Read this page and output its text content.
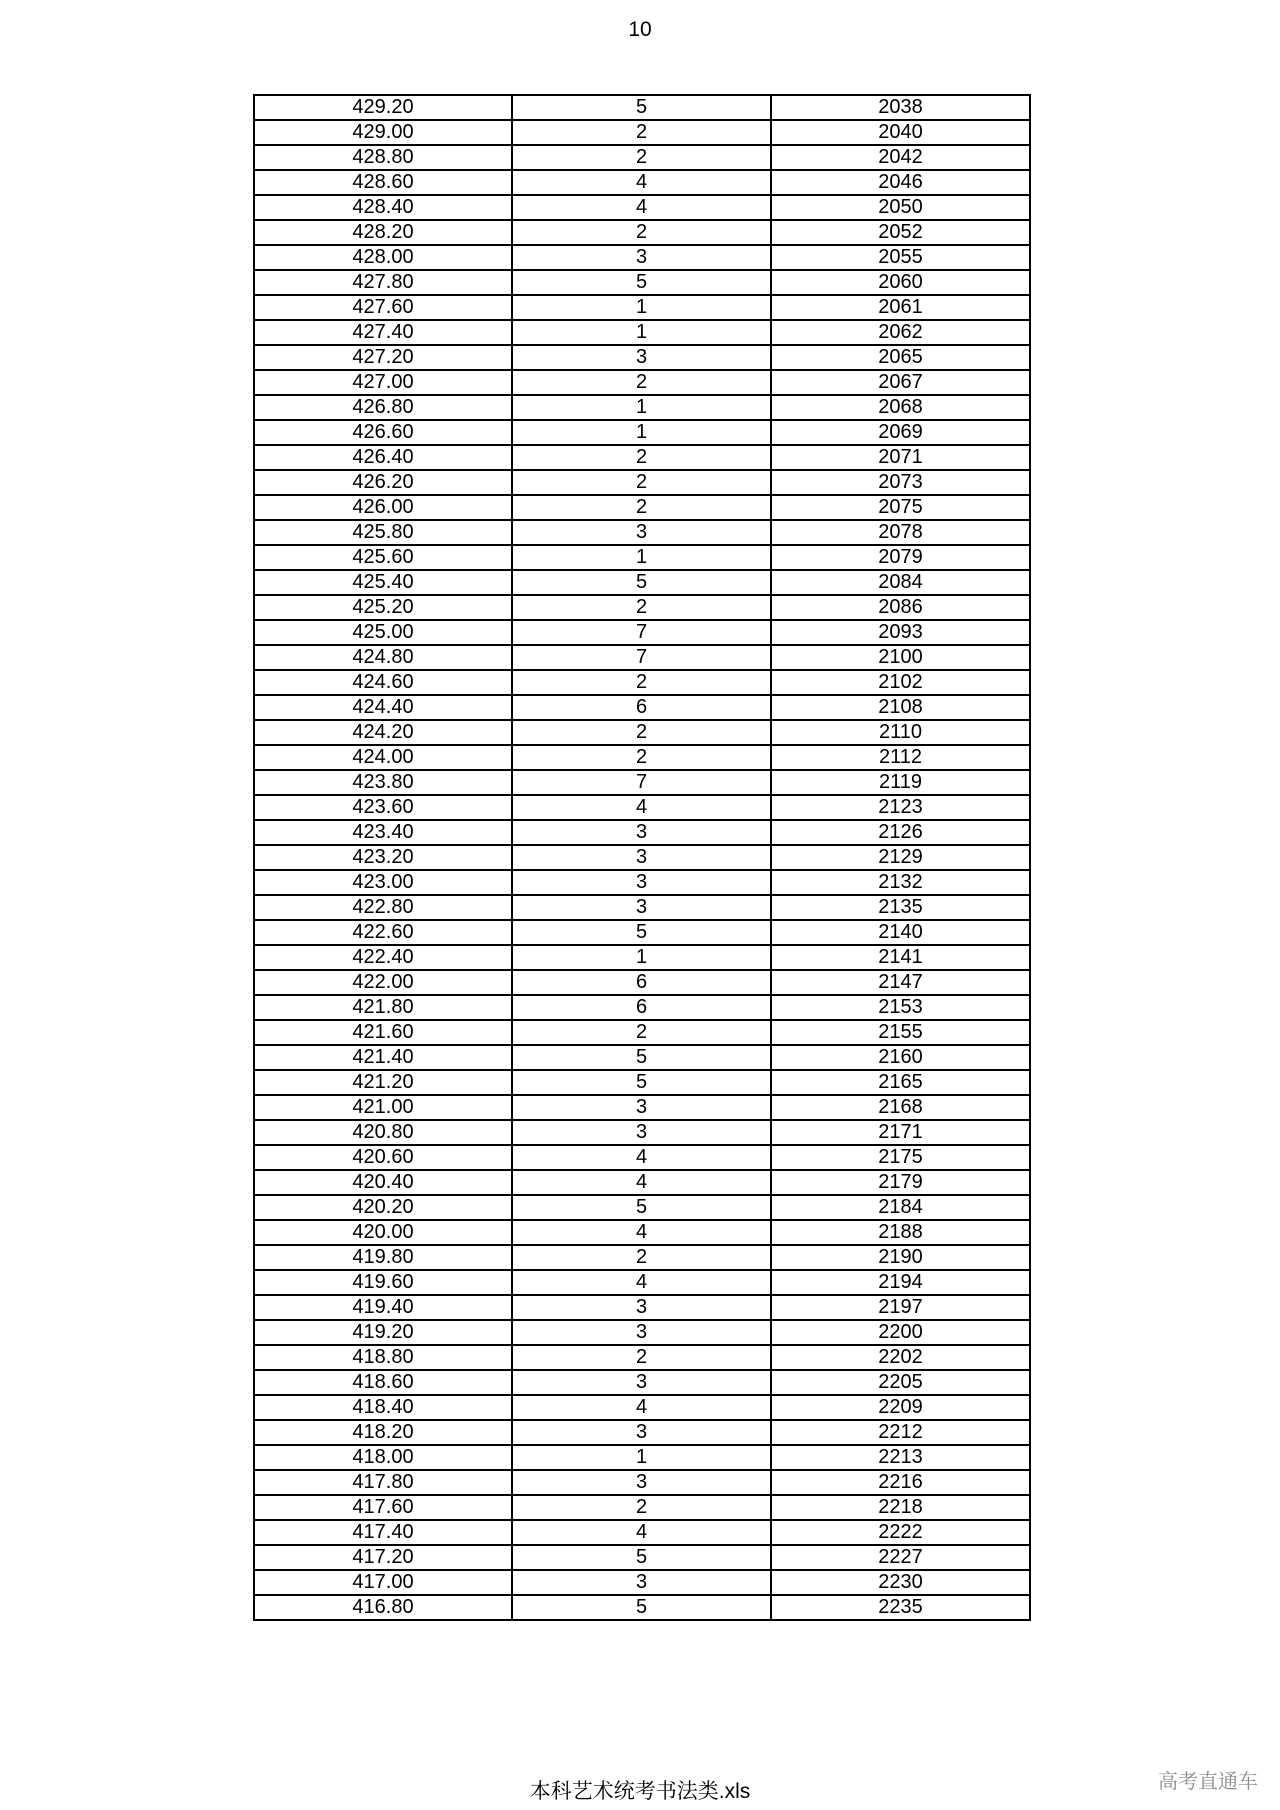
10
429.20	5	2038
429.00	2	2040
428.80	2	2042
428.60	4	2046
428.40	4	2050
428.20	2	2052
428.00	3	2055
427.80	5	2060
427.60	1	2061
427.40	1	2062
427.20	3	2065
427.00	2	2067
426.80	1	2068
426.60	1	2069
426.40	2	2071
426.20	2	2073
426.00	2	2075
425.80	3	2078
425.60	1	2079
425.40	5	2084
425.20	2	2086
425.00	7	2093
424.80	7	2100
424.60	2	2102
424.40	6	2108
424.20	2	2110
424.00	2	2112
423.80	7	2119
423.60	4	2123
423.40	3	2126
423.20	3	2129
423.00	3	2132
422.80	3	2135
422.60	5	2140
422.40	1	2141
422.00	6	2147
421.80	6	2153
421.60	2	2155
421.40	5	2160
421.20	5	2165
421.00	3	2168
420.80	3	2171
420.60	4	2175
420.40	4	2179
420.20	5	2184
420.00	4	2188
419.80	2	2190
419.60	4	2194
419.40	3	2197
419.20	3	2200
418.80	2	2202
418.60	3	2205
418.40	4	2209
418.20	3	2212
418.00	1	2213
417.80	3	2216
417.60	2	2218
417.40	4	2222
417.20	5	2227
417.00	3	2230
416.80	5	2235
本科艺术统考书法类.xls	高考直通车
